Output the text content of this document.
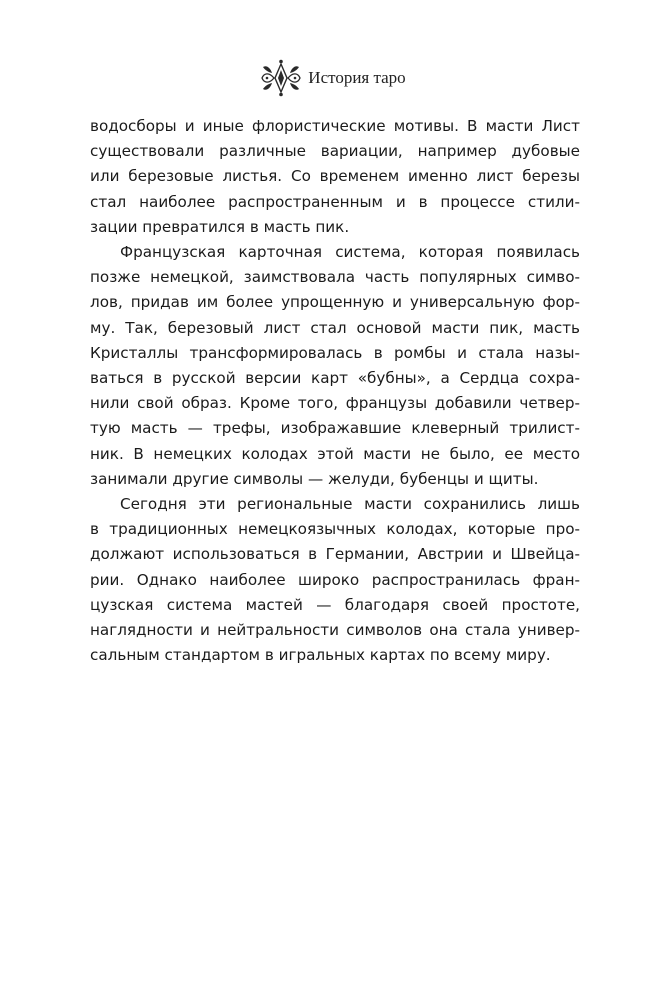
История таро
водосборы и иные флористические мотивы. В масти Лист
существовали различные вариации, например дубовые
или березовые листья. Со временем именно лист березы
стал наиболее распространенным и в процессе стили-
зации превратился в масть пик.
Французская карточная система, которая появилась
позже немецкой, заимствовала часть популярных симво-
лов, придав им более упрощенную и универсальную фор-
му. Так, березовый лист стал основой масти пик, масть
Кристаллы трансформировалась в ромбы и стала назы-
ваться в русской версии карт «бубны», а Сердца сохра-
нили свой образ. Кроме того, французы добавили четвер-
тую масть — трефы, изображавшие клеверный трилист-
ник. В немецких колодах этой масти не было, ее место
занимали другие символы — желуди, бубенцы и щиты.
Сегодня эти региональные масти сохранились лишь
в традиционных немецкоязычных колодах, которые про-
должают использоваться в Германии, Австрии и Швейца-
рии. Однако наиболее широко распространилась фран-
цузская система мастей — благодаря своей простоте,
наглядности и нейтральности символов она стала универ-
сальным стандартом в игральных картах по всему миру.
